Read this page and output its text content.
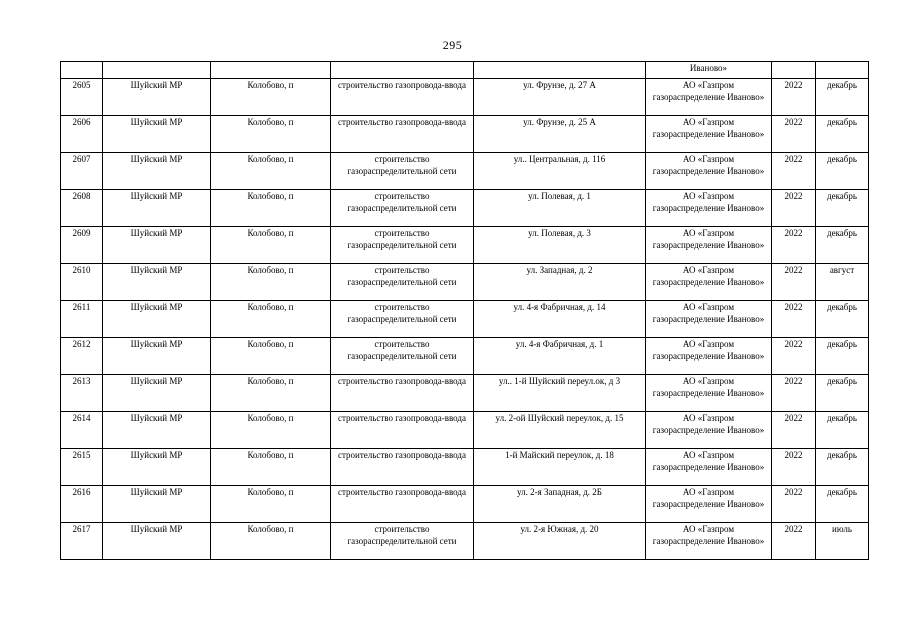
295
					Иваново»		
2605	Шуйский МР	Колобово, п	строительство газопровода-ввода	ул. Фрунзе, д. 27 А	АО «Газпром газораспределение Иваново»	2022	декабрь
2606	Шуйский МР	Колобово, п	строительство газопровода-ввода	ул. Фрунзе, д. 25 А	АО «Газпром газораспределение Иваново»	2022	декабрь
2607	Шуйский МР	Колобово, п	строительство газораспределительной сети	ул.. Центральная, д. 116	АО «Газпром газораспределение Иваново»	2022	декабрь
2608	Шуйский МР	Колобово, п	строительство газораспределительной сети	ул. Полевая, д. 1	АО «Газпром газораспределение Иваново»	2022	декабрь
2609	Шуйский МР	Колобово, п	строительство газораспределительной сети	ул. Полевая, д. 3	АО «Газпром газораспределение Иваново»	2022	декабрь
2610	Шуйский МР	Колобово, п	строительство газораспределительной сети	ул. Западная, д. 2	АО «Газпром газораспределение Иваново»	2022	август
2611	Шуйский МР	Колобово, п	строительство газораспределительной сети	ул. 4-я Фабричная, д. 14	АО «Газпром газораспределение Иваново»	2022	декабрь
2612	Шуйский МР	Колобово, п	строительство газораспределительной сети	ул. 4-я Фабричная, д. 1	АО «Газпром газораспределение Иваново»	2022	декабрь
2613	Шуйский МР	Колобово, п	строительство газопровода-ввода	ул.. 1-й Шуйский переул.ок, д 3	АО «Газпром газораспределение Иваново»	2022	декабрь
2614	Шуйский МР	Колобово, п	строительство газопровода-ввода	ул. 2-ой Шуйский переулок, д. 15	АО «Газпром газораспределение Иваново»	2022	декабрь
2615	Шуйский МР	Колобово, п	строительство газопровода-ввода	1-й Майский переулок, д. 18	АО «Газпром газораспределение Иваново»	2022	декабрь
2616	Шуйский МР	Колобово, п	строительство газопровода-ввода	ул. 2-я Западная, д. 2Б	АО «Газпром газораспределение Иваново»	2022	декабрь
2617	Шуйский МР	Колобово, п	строительство газораспределительной сети	ул. 2-я Южная, д. 20	АО «Газпром газораспределение Иваново»	2022	июль
